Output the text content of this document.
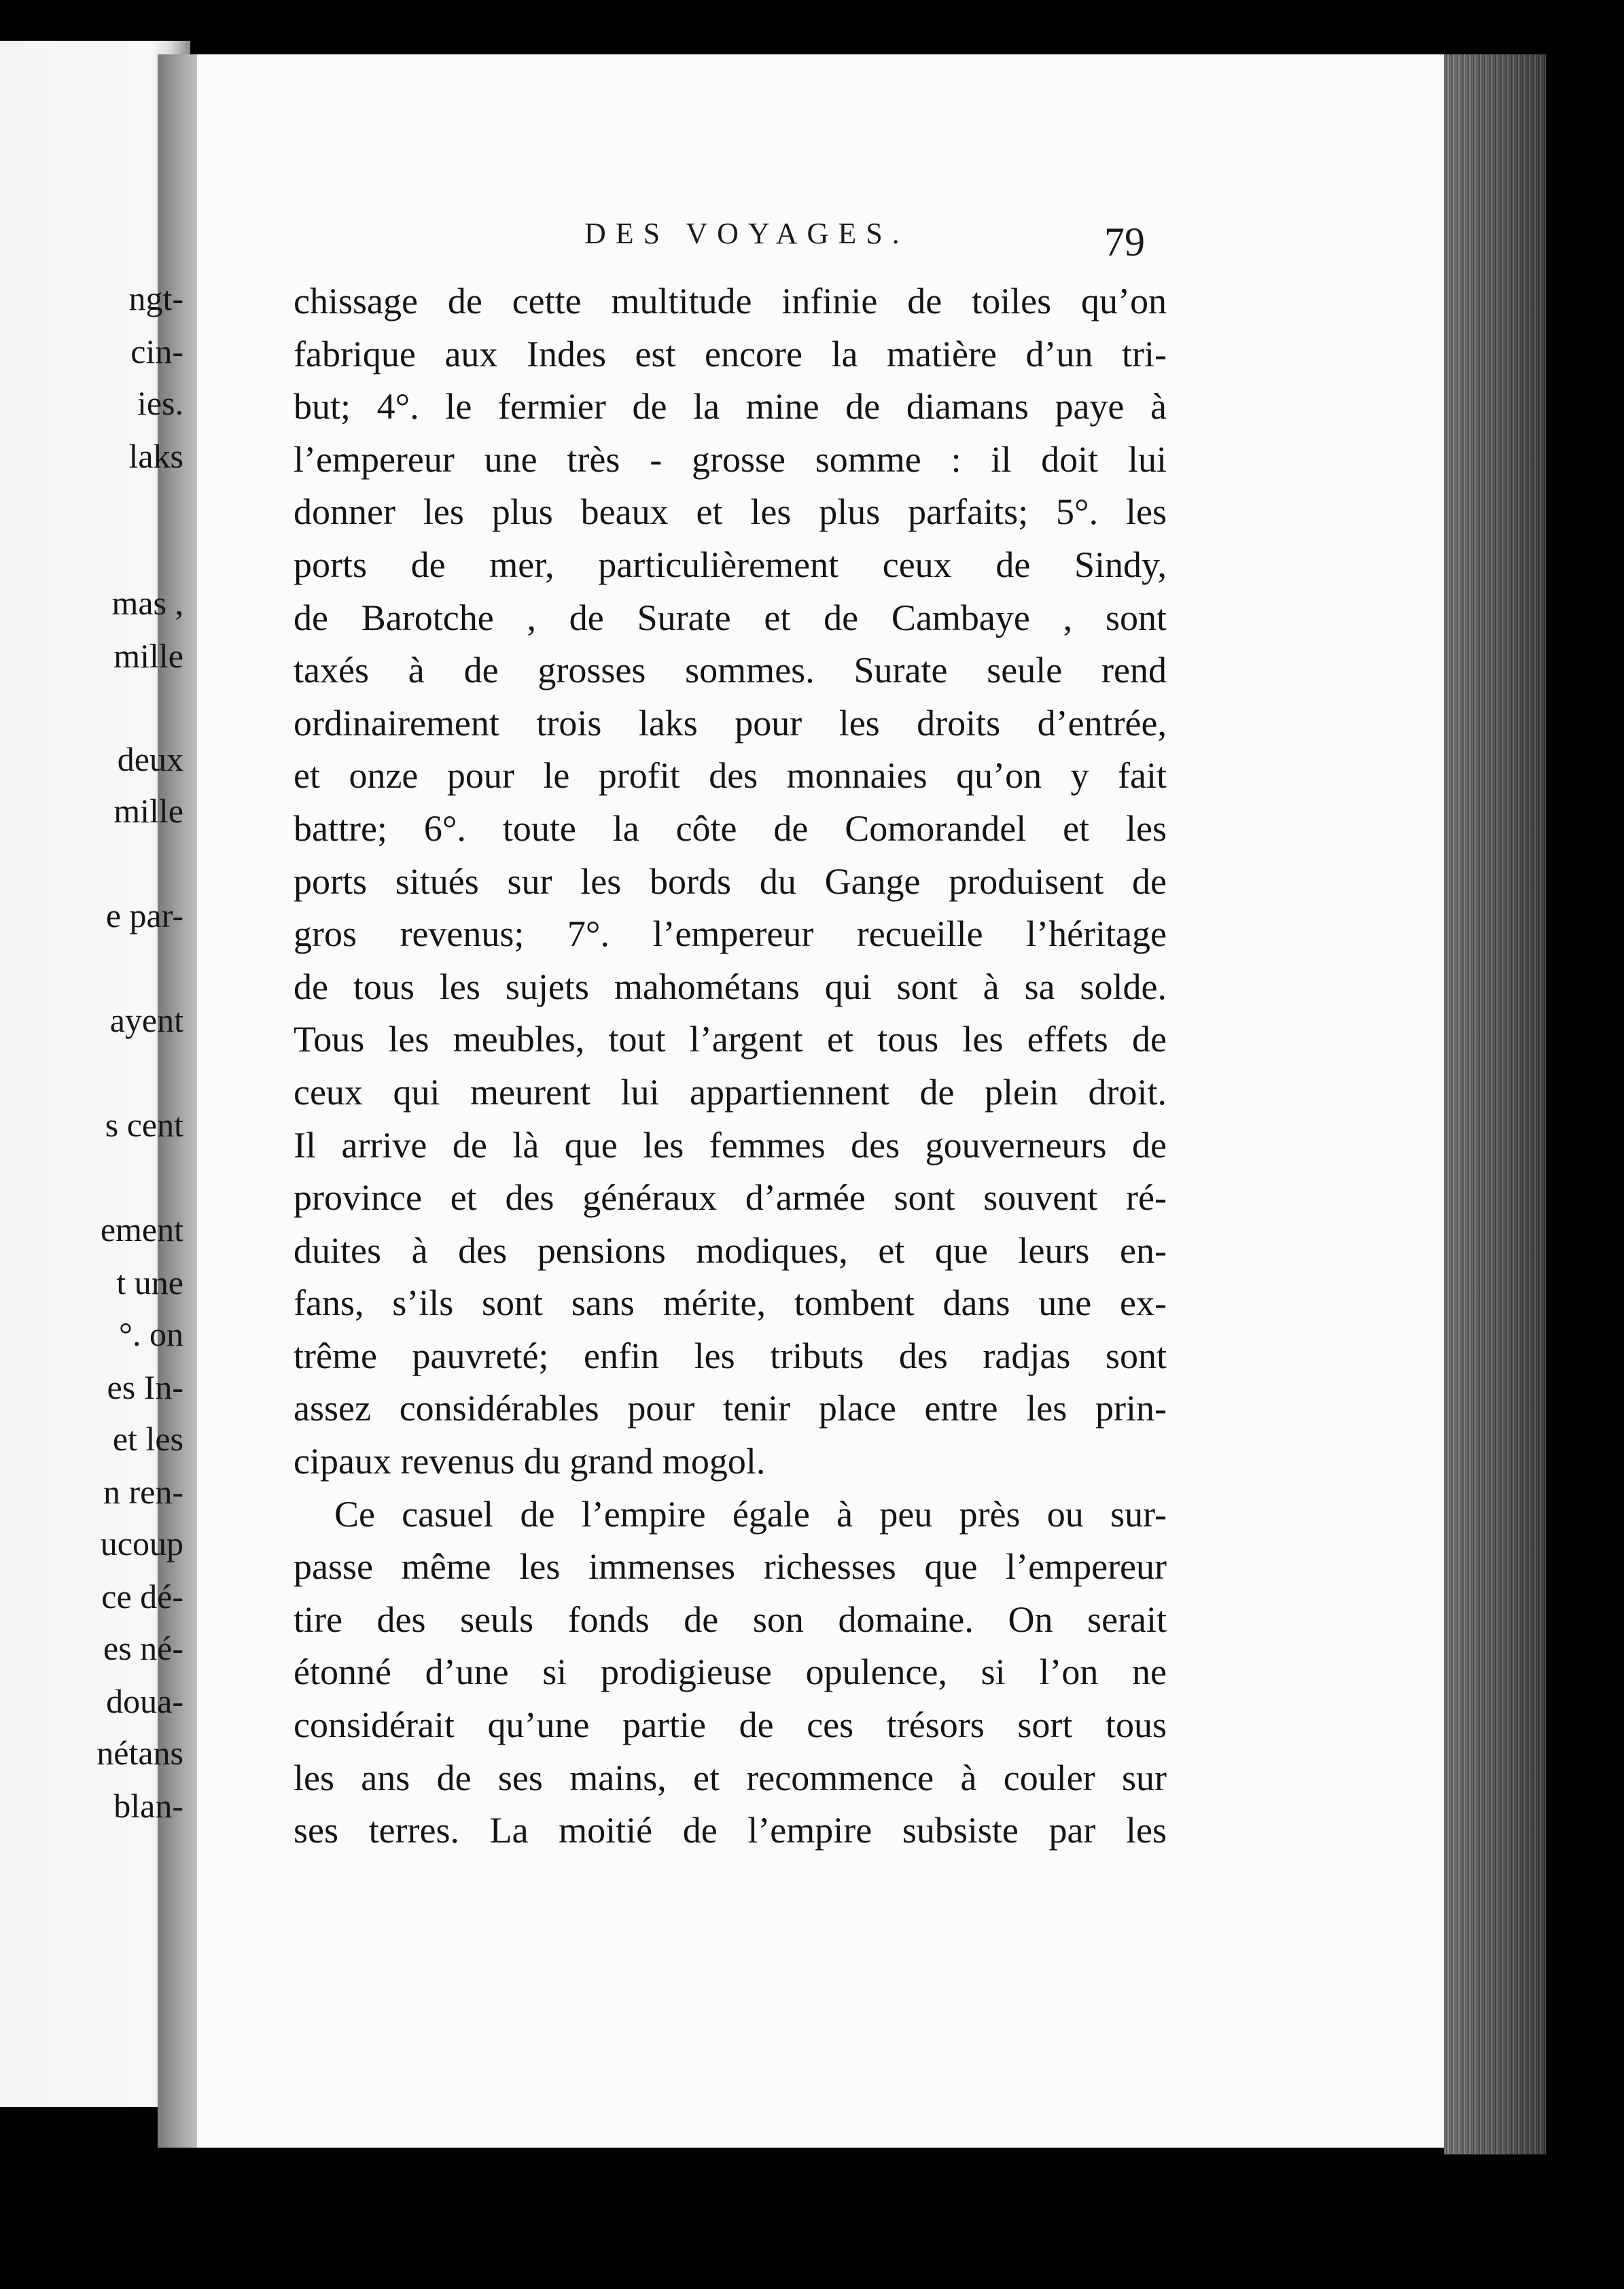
ngt-
cin-
ies.
laks
mas ,
mille
deux
mille
e par-
ayent
s cent
ement
t une
°. on
es In-
et les
n ren-
ucoup
ce dé-
es né-
doua-
nétans
blan-
DES VOYAGES.	79
chissage de cette multitude infinie de toiles qu’on
fabrique aux Indes est encore la matière d’un tri-
but; 4°. le fermier de la mine de diamans paye à
l’empereur une très - grosse somme : il doit lui
donner les plus beaux et les plus parfaits; 5°. les
ports de mer, particulièrement ceux de Sindy,
de Barotche , de Surate et de Cambaye , sont
taxés à de grosses sommes. Surate seule rend
ordinairement trois laks pour les droits d’entrée,
et onze pour le profit des monnaies qu’on y fait
battre; 6°. toute la côte de Comorandel et les
ports situés sur les bords du Gange produisent de
gros revenus; 7°. l’empereur recueille l’héritage
de tous les sujets mahométans qui sont à sa solde.
Tous les meubles, tout l’argent et tous les effets de
ceux qui meurent lui appartiennent de plein droit.
Il arrive de là que les femmes des gouverneurs de
province et des généraux d’armée sont souvent ré-
duites à des pensions modiques, et que leurs en-
fans, s’ils sont sans mérite, tombent dans une ex-
trême pauvreté; enfin les tributs des radjas sont
assez considérables pour tenir place entre les prin-
cipaux revenus du grand mogol.
Ce casuel de l’empire égale à peu près ou sur-
passe même les immenses richesses que l’empereur
tire des seuls fonds de son domaine. On serait
étonné d’une si prodigieuse opulence, si l’on ne
considérait qu’une partie de ces trésors sort tous
les ans de ses mains, et recommence à couler sur
ses terres. La moitié de l’empire subsiste par les
